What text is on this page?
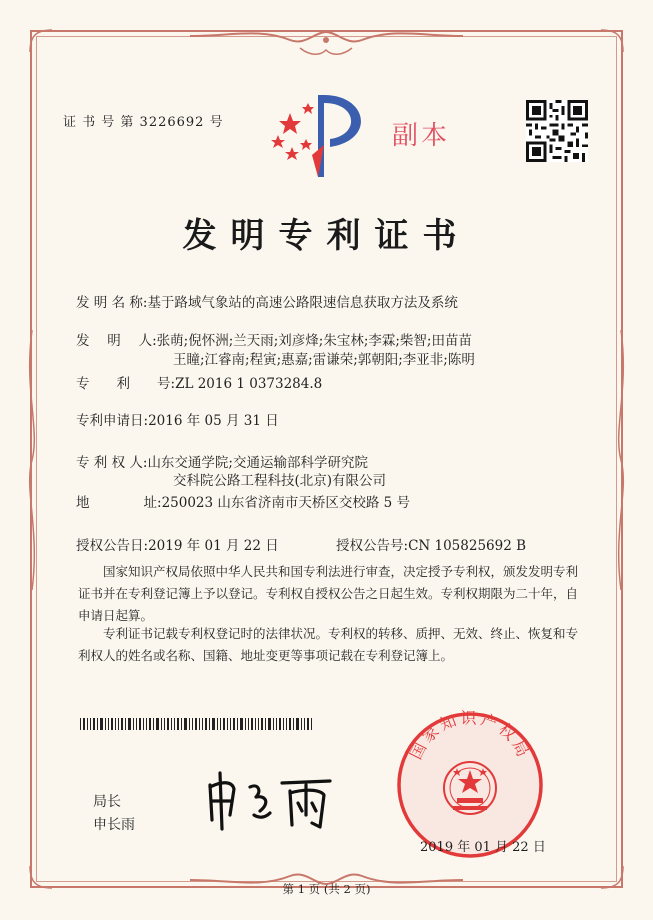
证 书 号 第 3226692 号	副本
发明专利证书
发 明 名 称:基于路域气象站的高速公路限速信息获取方法及系统
发　 明　 人:张萌;倪怀洲;兰天雨;刘彦烽;朱宝林;李霖;柴智;田苗苗
王瞳;江睿南;程寅;惠嘉;雷谦荣;郭朝阳;李亚非;陈明
专　　利　　号:ZL 2016 1 0373284.8
专利申请日:2016 年 05 月 31 日
专 利 权 人:山东交通学院;交通运输部科学研究院
交科院公路工程科技(北京)有限公司
地　　　　址:250023 山东省济南市天桥区交校路 5 号
授权公告日:2019 年 01 月 22 日	授权公告号:CN 105825692 B
国家知识产权局依照中华人民共和国专利法进行审查，决定授予专利权，颁发发明专利证书并在专利登记簿上予以登记。专利权自授权公告之日起生效。专利权期限为二十年，自申请日起算。
专利证书记载专利权登记时的法律状况。专利权的转移、质押、无效、终止、恢复和专利权人的姓名或名称、国籍、地址变更等事项记载在专利登记簿上。
局长
申长雨
国家知识产权局
2019 年 01 月 22 日
第 1 页 (共 2 页)
